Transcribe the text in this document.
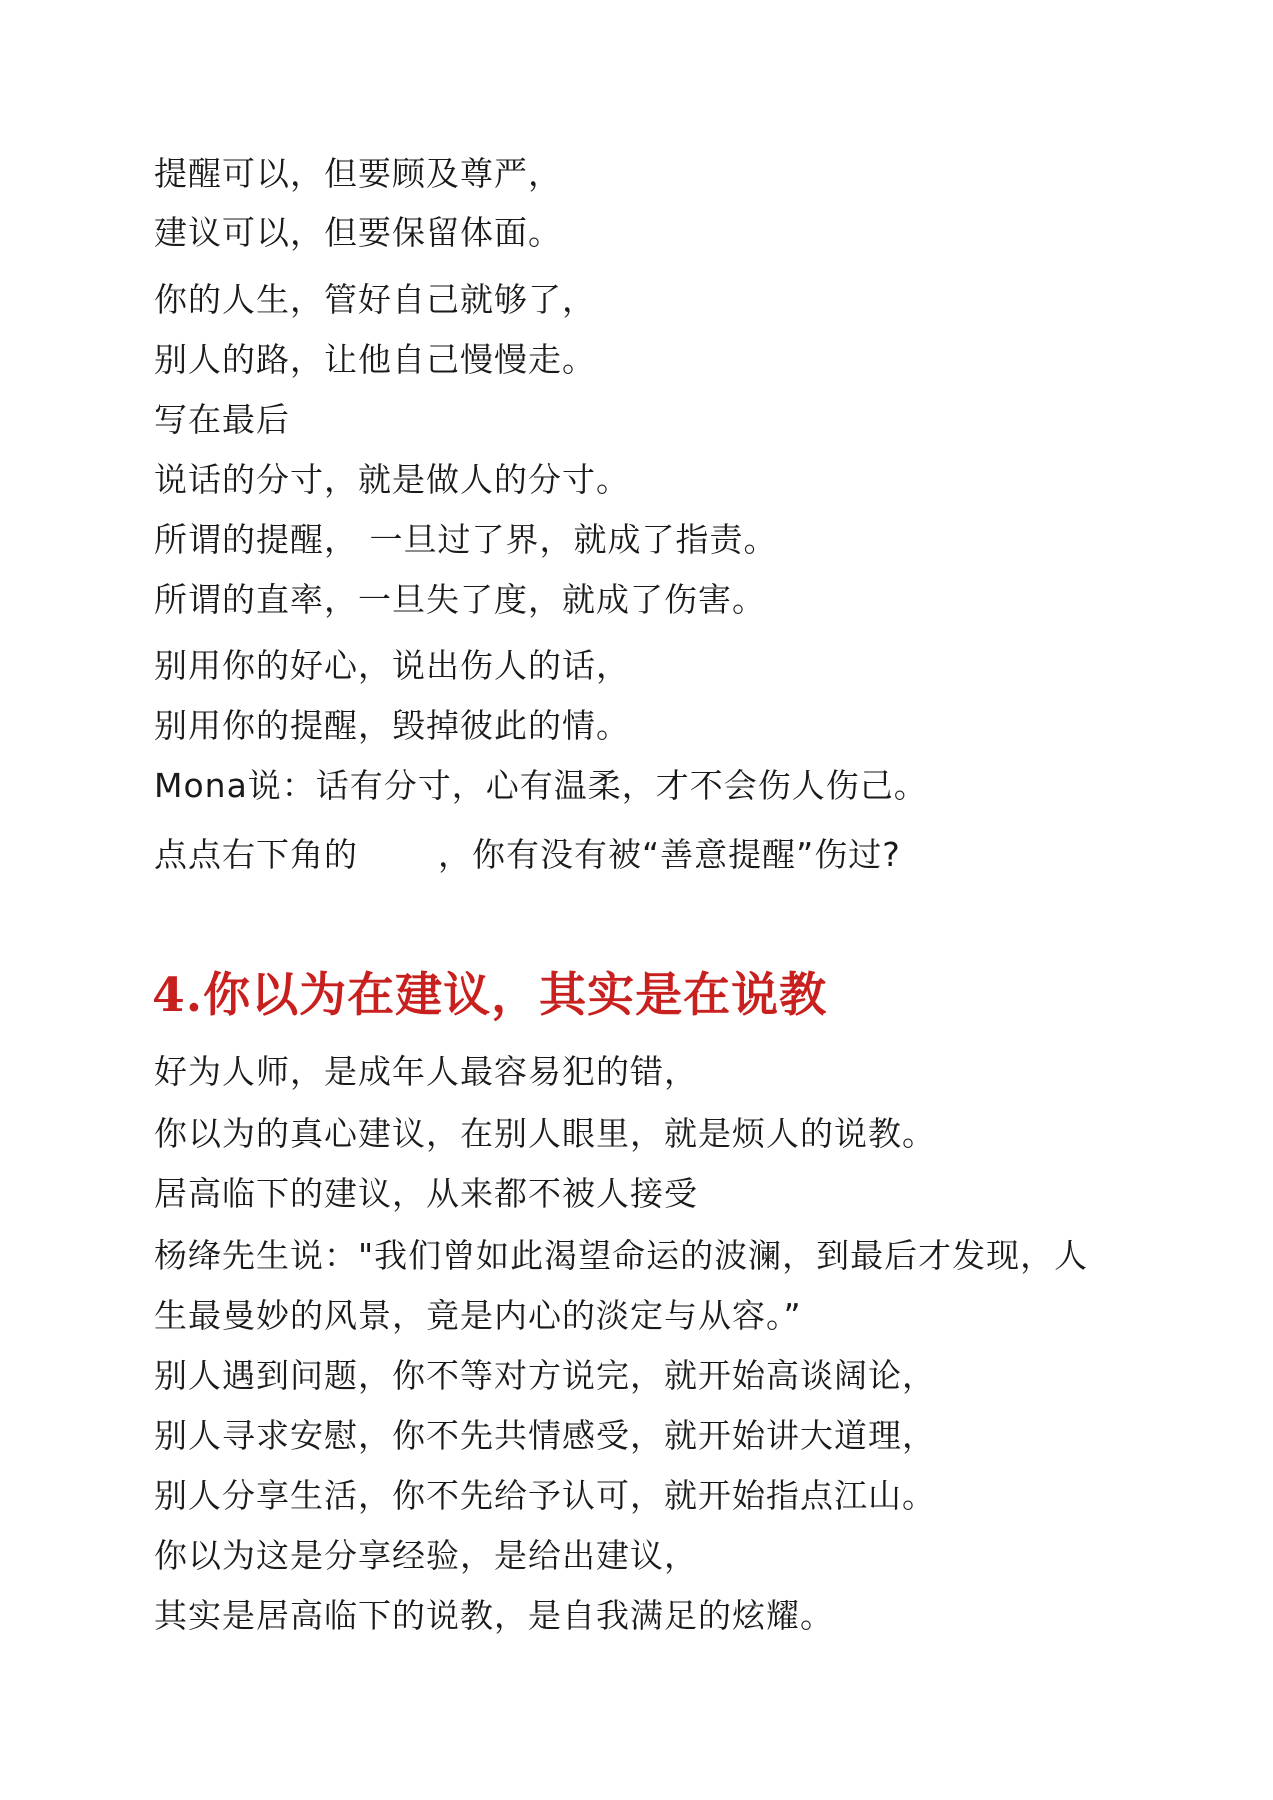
提醒可以，但要顾及尊严，
建议可以，但要保留体面。
你的人生，管好自己就够了，
别人的路，让他自己慢慢走。
写在最后
说话的分寸，就是做人的分寸。
所谓的提醒， 一旦过了界，就成了指责。
所谓的直率，一旦失了度，就成了伤害。
别用你的好心，说出伤人的话，
别用你的提醒，毁掉彼此的情。
Mona说：话有分寸，心有温柔，才不会伤人伤己。
点点右下角的 ，你有没有被“善意提醒”伤过?
4.你以为在建议，其实是在说教
好为人师，是成年人最容易犯的错，
你以为的真心建议，在别人眼里，就是烦人的说教。
居高临下的建议，从来都不被人接受
杨绛先生说："我们曾如此渴望命运的波澜，到最后才发现，人
生最曼妙的风景，竟是内心的淡定与从容。”
别人遇到问题，你不等对方说完，就开始高谈阔论，
别人寻求安慰，你不先共情感受，就开始讲大道理，
别人分享生活，你不先给予认可，就开始指点江山。
你以为这是分享经验，是给出建议，
其实是居高临下的说教，是自我满足的炫耀。
